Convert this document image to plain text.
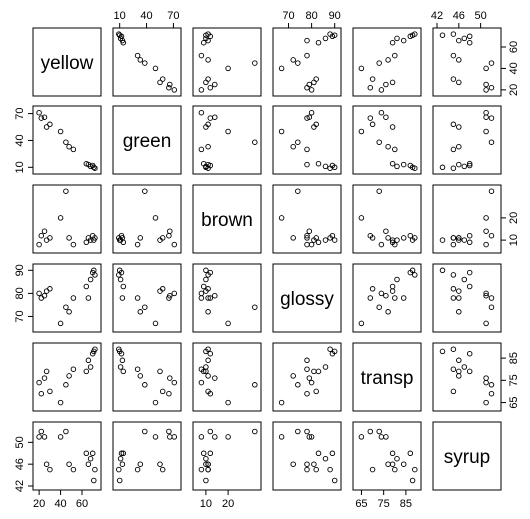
yellow
green
brown
glossy
transp
syrup
20 40 60
10 40 70
10 20
70 80 90
65 75 85
42 46 50
20
40
60
10
40
70
10
20
70
80
90
65
75
85
42
46
50
